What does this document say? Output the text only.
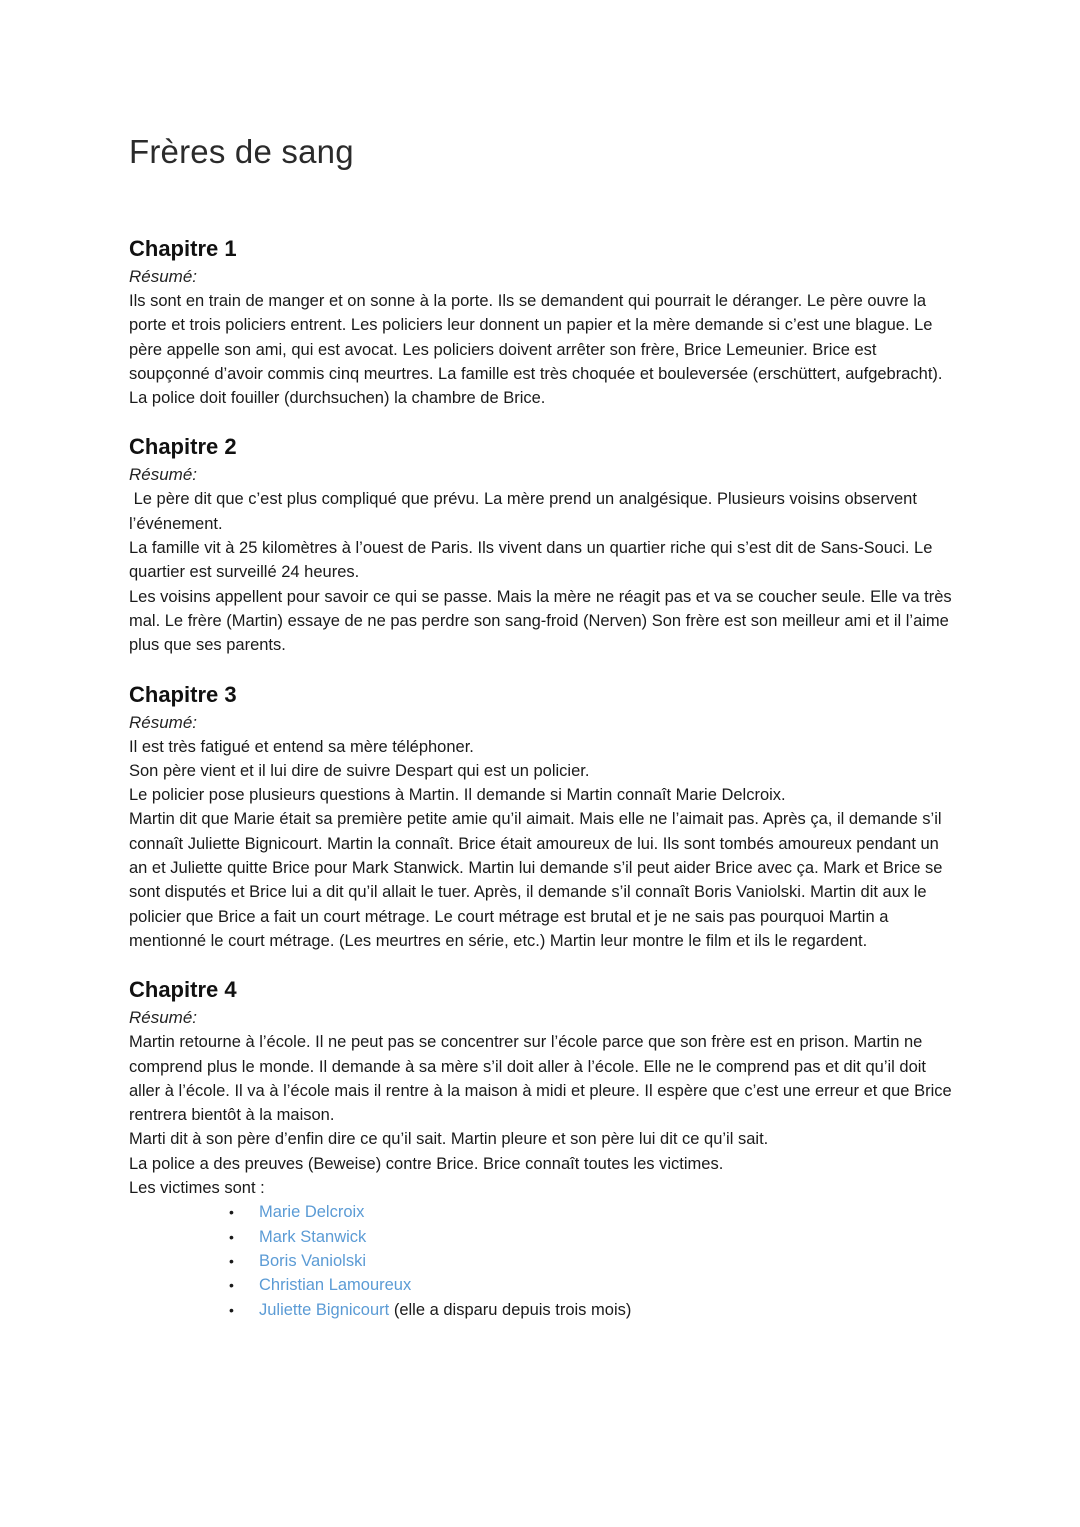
Frères de sang
Chapitre 1

Résumé:

Ils sont en train de manger et on sonne à la porte. Ils se demandent qui pourrait le déranger. Le père ouvre la porte et trois policiers entrent. Les policiers leur donnent un papier et la mère demande si c’est une blague. Le père appelle son ami, qui est avocat. Les policiers doivent arrêter son frère, Brice Lemeunier. Brice est soupçonné d’avoir commis cinq meurtres. La famille est très choquée et bouleversée (erschüttert, aufgebracht). La police doit fouiller (durchsuchen) la chambre de Brice.

Chapitre 2

Résumé:

Le père dit que c’est plus compliqué que prévu. La mère prend un analgésique. Plusieurs voisins observent l’événement.

La famille vit à 25 kilomètres à l’ouest de Paris. Ils vivent dans un quartier riche qui s’est dit de Sans-Souci. Le quartier est surveillé 24 heures.

Les voisins appellent pour savoir ce qui se passe. Mais la mère ne réagit pas et va se coucher seule. Elle va très mal. Le frère (Martin) essaye de ne pas perdre son sang-froid (Nerven) Son frère est son meilleur ami et il l’aime plus que ses parents.

Chapitre 3

Résumé:

Il est très fatigué et entend sa mère téléphoner.

Son père vient et il lui dire de suivre Despart qui est un policier.

Le policier pose plusieurs questions à Martin. Il demande si Martin connaît Marie Delcroix.

Martin dit que Marie était sa première petite amie qu’il aimait. Mais elle ne l’aimait pas. Après ça, il demande s’il connaît Juliette Bignicourt. Martin la connaît. Brice était amoureux de lui. Ils sont tombés amoureux pendant un an et Juliette quitte Brice pour Mark Stanwick. Martin lui demande s’il peut aider Brice avec ça. Mark et Brice se sont disputés et Brice lui a dit qu’il allait le tuer. Après, il demande s’il connaît Boris Vaniolski. Martin dit aux le policier que Brice a fait un court métrage. Le court métrage est brutal et je ne sais pas pourquoi Martin a mentionné le court métrage. (Les meurtres en série, etc.) Martin leur montre le film et ils le regardent.

Chapitre 4

Résumé:

Martin retourne à l’école. Il ne peut pas se concentrer sur l’école parce que son frère est en prison. Martin ne comprend plus le monde. Il demande à sa mère s’il doit aller à l’école. Elle ne le comprend pas et dit qu’il doit aller à l’école. Il va à l’école mais il rentre à la maison à midi et pleure. Il espère que c’est une erreur et que Brice rentrera bientôt à la maison.

Marti dit à son père d’enfin dire ce qu’il sait. Martin pleure et son père lui dit ce qu’il sait.

La police a des preuves (Beweise) contre Brice. Brice connaît toutes les victimes.

Les victimes sont :

• Marie Delcroix
• Mark Stanwick
• Boris Vaniolski
• Christian Lamoureux
• Juliette Bignicourt (elle a disparu depuis trois mois)
